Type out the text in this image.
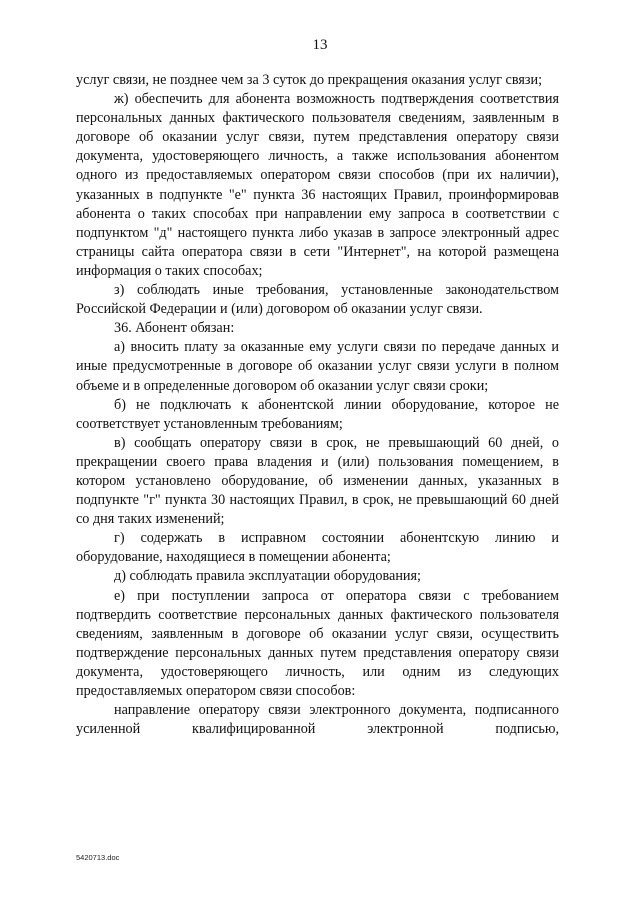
13

услуг связи, не позднее чем за 3 суток до прекращения оказания услуг связи;

ж) обеспечить для абонента возможность подтверждения соответствия персональных данных фактического пользователя сведениям, заявленным в договоре об оказании услуг связи, путем представления оператору связи документа, удостоверяющего личность, а также использования абонентом одного из предоставляемых оператором связи способов (при их наличии), указанных в подпункте "е" пункта 36 настоящих Правил, проинформировав абонента о таких способах при направлении ему запроса в соответствии с подпунктом "д" настоящего пункта либо указав в запросе электронный адрес страницы сайта оператора связи в сети "Интернет", на которой размещена информация о таких способах;

з) соблюдать иные требования, установленные законодательством Российской Федерации и (или) договором об оказании услуг связи.

36. Абонент обязан:

а) вносить плату за оказанные ему услуги связи по передаче данных и иные предусмотренные в договоре об оказании услуг связи услуги в полном объеме и в определенные договором об оказании услуг связи сроки;

б) не подключать к абонентской линии оборудование, которое не соответствует установленным требованиям;

в) сообщать оператору связи в срок, не превышающий 60 дней, о прекращении своего права владения и (или) пользования помещением, в котором установлено оборудование, об изменении данных, указанных в подпункте "г" пункта 30 настоящих Правил, в срок, не превышающий 60 дней со дня таких изменений;

г) содержать в исправном состоянии абонентскую линию и оборудование, находящиеся в помещении абонента;

д) соблюдать правила эксплуатации оборудования;

е) при поступлении запроса от оператора связи с требованием подтвердить соответствие персональных данных фактического пользователя сведениям, заявленным в договоре об оказании услуг связи, осуществить подтверждение персональных данных путем представления оператору связи документа, удостоверяющего личность, или одним из следующих предоставляемых оператором связи способов:

направление оператору связи электронного документа, подписанного усиленной квалифицированной электронной подписью,

5420713.doc
